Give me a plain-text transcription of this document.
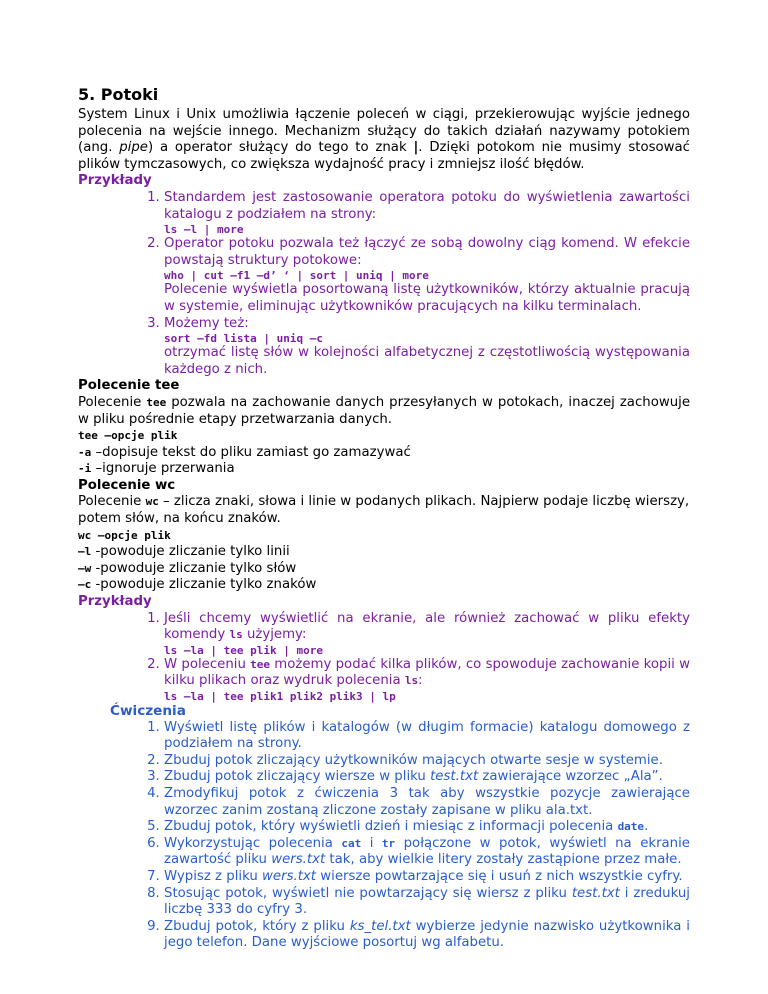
5. Potoki

System Linux i Unix umożliwia łączenie poleceń w ciągi, przekierowując wyjście jednego polecenia na wejście innego. Mechanizm służący do takich działań nazywamy potokiem (ang. pipe) a operator służący do tego to znak |. Dzięki potokom nie musimy stosować plików tymczasowych, co zwiększa wydajność pracy i zmniejsz ilość błędów.

Przykłady

1. Standardem jest zastosowanie operatora potoku do wyświetlenia zawartości katalogu z podziałem na strony:
ls –l | more
2. Operator potoku pozwala też łączyć ze sobą dowolny ciąg komend. W efekcie powstają struktury potokowe:
who | cut –f1 –d’ ‘ | sort | uniq | more
Polecenie wyświetla posortowaną listę użytkowników, którzy aktualnie pracują w systemie, eliminując użytkowników pracujących na kilku terminalach.
3. Możemy też:
sort –fd lista | uniq –c
otrzymać listę słów w kolejności alfabetycznej z częstotliwością występowania każdego z nich.

Polecenie tee

Polecenie tee pozwala na zachowanie danych przesyłanych w potokach, inaczej zachowuje w pliku pośrednie etapy przetwarzania danych.

tee –opcje plik

-a –dopisuje tekst do pliku zamiast go zamazywać

-i –ignoruje przerwania

Polecenie wc

Polecenie wc – zlicza znaki, słowa i linie w podanych plikach. Najpierw podaje liczbę wierszy, potem słów, na końcu znaków.

wc –opcje plik

–l -powoduje zliczanie tylko linii

–w -powoduje zliczanie tylko słów

–c -powoduje zliczanie tylko znaków

Przykłady

1. Jeśli chcemy wyświetlić na ekranie, ale również zachować w pliku efekty komendy ls użyjemy:
ls –la | tee plik | more
2. W poleceniu tee możemy podać kilka plików, co spowoduje zachowanie kopii w kilku plikach oraz wydruk polecenia ls:
ls –la | tee plik1 plik2 plik3 | lp

Ćwiczenia

1. Wyświetl listę plików i katalogów (w długim formacie) katalogu domowego z podziałem na strony.
2. Zbuduj potok zliczający użytkowników mających otwarte sesje w systemie.
3. Zbuduj potok zliczający wiersze w pliku test.txt zawierające wzorzec „Ala”.
4. Zmodyfikuj potok z ćwiczenia 3 tak aby wszystkie pozycje zawierające wzorzec zanim zostaną zliczone zostały zapisane w pliku ala.txt.
5. Zbuduj potok, który wyświetli dzień i miesiąc z informacji polecenia date.
6. Wykorzystując polecenia cat i tr połączone w potok, wyświetl na ekranie zawartość pliku wers.txt tak, aby wielkie litery zostały zastąpione przez małe.
7. Wypisz z pliku wers.txt wiersze powtarzające się i usuń z nich wszystkie cyfry.
8. Stosując potok, wyświetl nie powtarzający się wiersz z pliku test.txt i zredukuj liczbę 333 do cyfry 3.
9. Zbuduj potok, który z pliku ks_tel.txt wybierze jedynie nazwisko użytkownika i jego telefon. Dane wyjściowe posortuj wg alfabetu.
